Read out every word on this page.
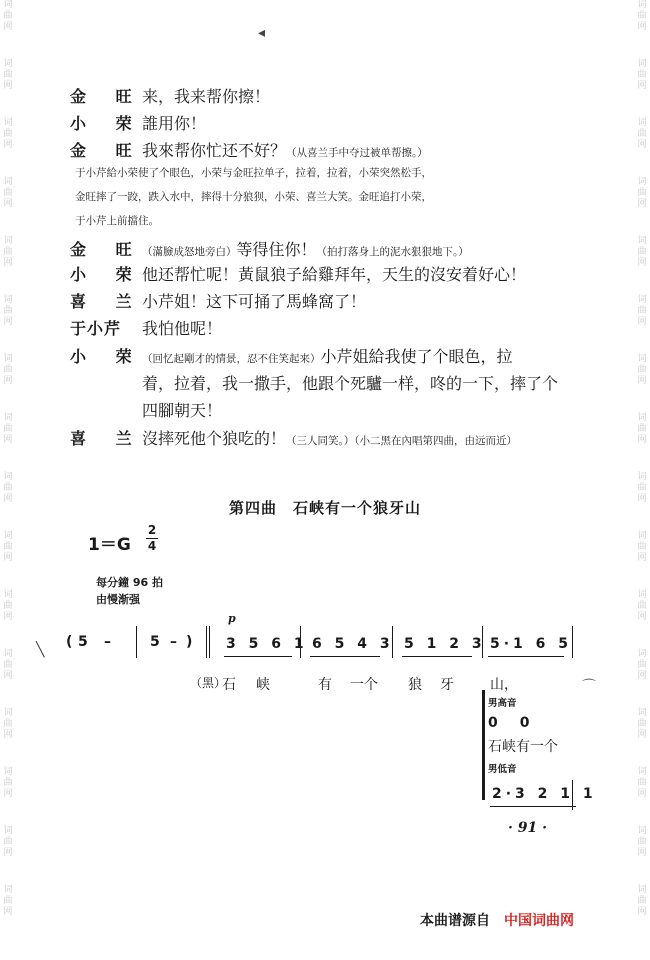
词
曲
网
词
曲
网
词
曲
网
词
曲
网
词
曲
网
词
曲
网
词
曲
网
词
曲
网
词
曲
网
词
曲
网
词
曲
网
词
曲
网
词
曲
网
词
曲
网
词
曲
网
词
曲
网
词
曲
网
词
曲
网
词
曲
网
词
曲
网
词
曲
网
词
曲
网
词
曲
网
词
曲
网
词
曲
网
词
曲
网
词
曲
网
词
曲
网
词
曲
网
词
曲
网
词
曲
网
词
曲
网
◂
金 旺
来，我来帮你擦！
小 荣
誰用你！
金 旺
我來帮你忙还不好？（从喜兰手中夺过被单帮擦。）
于小芹給小荣使了个眼色，小荣与金旺拉单子，拉着，拉着，小荣突然松手，
金旺摔了一跤，跌入水中，摔得十分狼狈，小荣、喜兰大笑。金旺追打小荣，
于小芹上前擋住。
金 旺
（滿臉成怒地旁白）等得住你！（拍打落身上的泥水狠狠地下。）
小 荣
他还帮忙呢！黃鼠狼子給雞拜年，天生的沒安着好心！
喜 兰
小芹姐！这下可捅了馬蜂窩了！
于小芹	我怕他呢！
小 荣
（回忆起剛才的情景，忍不住笑起来）小芹姐給我使了个眼色，拉
着，拉着，我一撒手，他跟个死驢一样，咚的一下，摔了个
四腳朝天！
喜 兰
沒摔死他个狼吃的！（三人同笑。）（小二黑在內唱第四曲，由远而近）
第四曲　石峡有一个狼牙山
1＝G
2
4
每分鐘 96 拍
由慢渐强
╲ ( 5 –	5 – )
p
3 5 6 1 6 5 4 3 5 1 2 3 5·1 6 5
（黑）
石 峡	有 一个 狼 牙	山，	⌒
男高音
0　0
石峡有一个
男低音
2·3 2 1 1
· 91 ·
本曲谱源自 中国词曲网
